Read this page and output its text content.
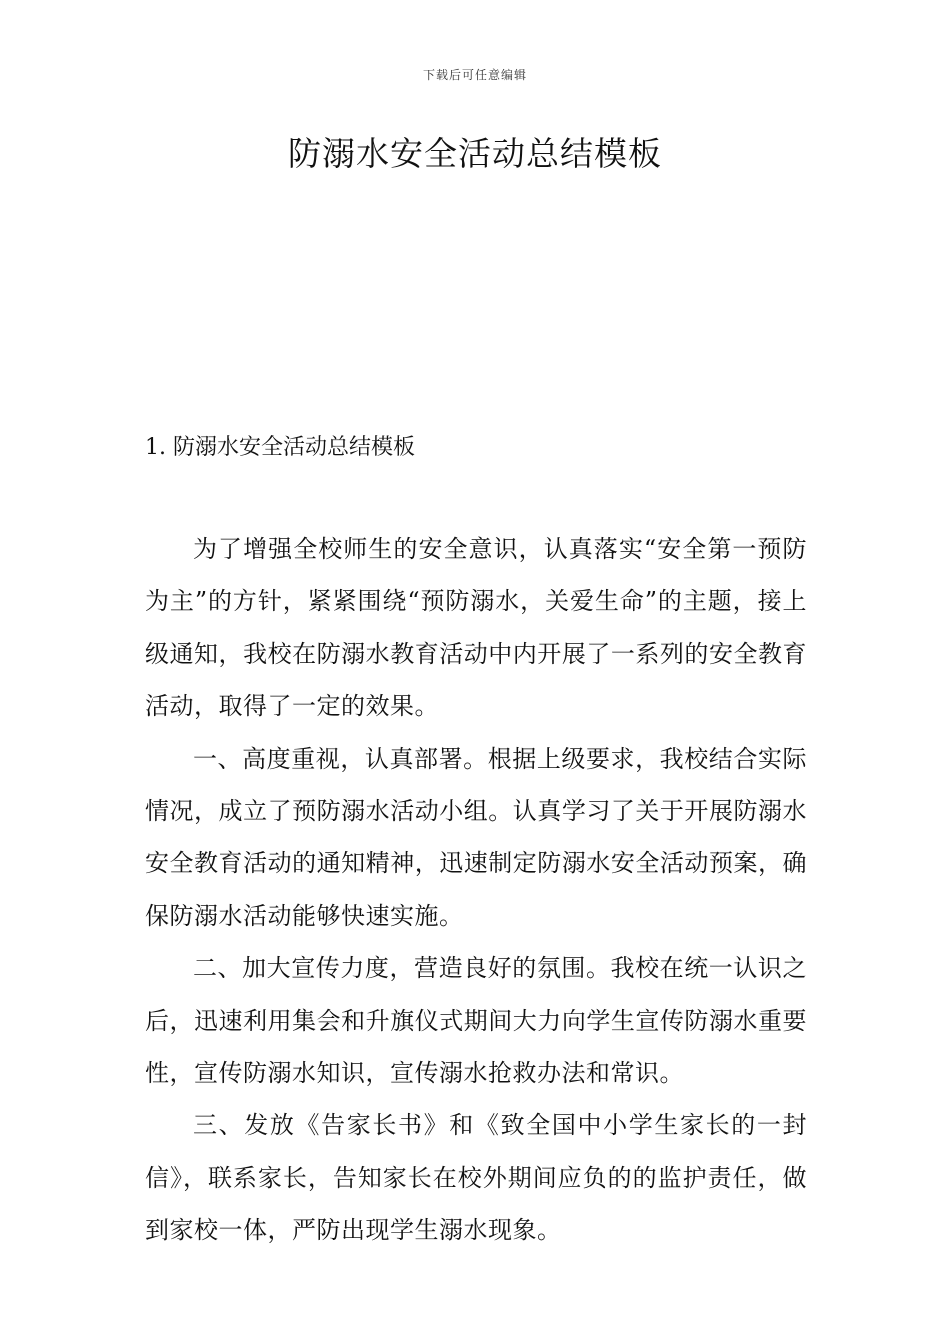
下载后可任意编辑
防溺水安全活动总结模板
1. 防溺水安全活动总结模板

为了增强全校师生的安全意识，认真落实“安全第一预防为主”的方针，紧紧围绕“预防溺水，关爱生命”的主题，接上级通知，我校在防溺水教育活动中内开展了一系列的安全教育活动，取得了一定的效果。

一、高度重视，认真部署。根据上级要求，我校结合实际情况，成立了预防溺水活动小组。认真学习了关于开展防溺水安全教育活动的通知精神，迅速制定防溺水安全活动预案，确保防溺水活动能够快速实施。

二、加大宣传力度，营造良好的氛围。我校在统一认识之后，迅速利用集会和升旗仪式期间大力向学生宣传防溺水重要性，宣传防溺水知识，宣传溺水抢救办法和常识。

三、发放《告家长书》和《致全国中小学生家长的一封信》，联系家长，告知家长在校外期间应负的的监护责任，做到家校一体，严防出现学生溺水现象。
